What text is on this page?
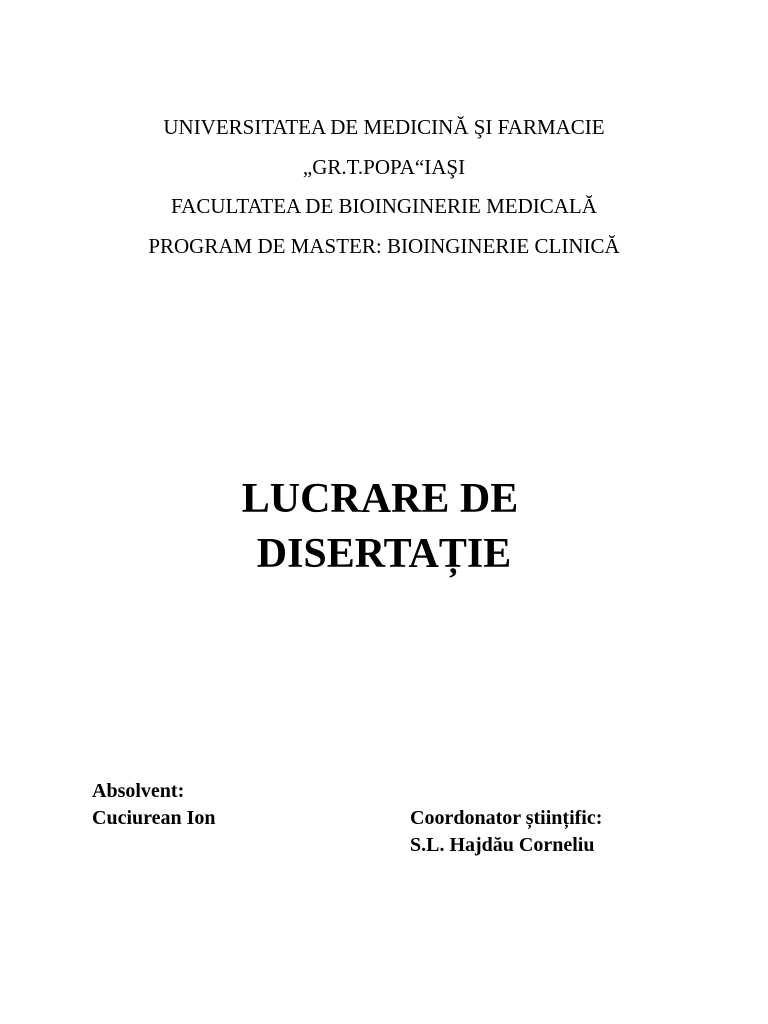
UNIVERSITATEA DE MEDICINĂ ŞI FARMACIE
„GR.T.POPA“IAŞI
FACULTATEA DE BIOINGINERIE MEDICALĂ
PROGRAM DE MASTER: BIOINGINERIE CLINICĂ
LUCRARE DE
DISERTAȚIE
Absolvent:
Cuciurean Ion	Coordonator științific:
S.L. Hajdău Corneliu
